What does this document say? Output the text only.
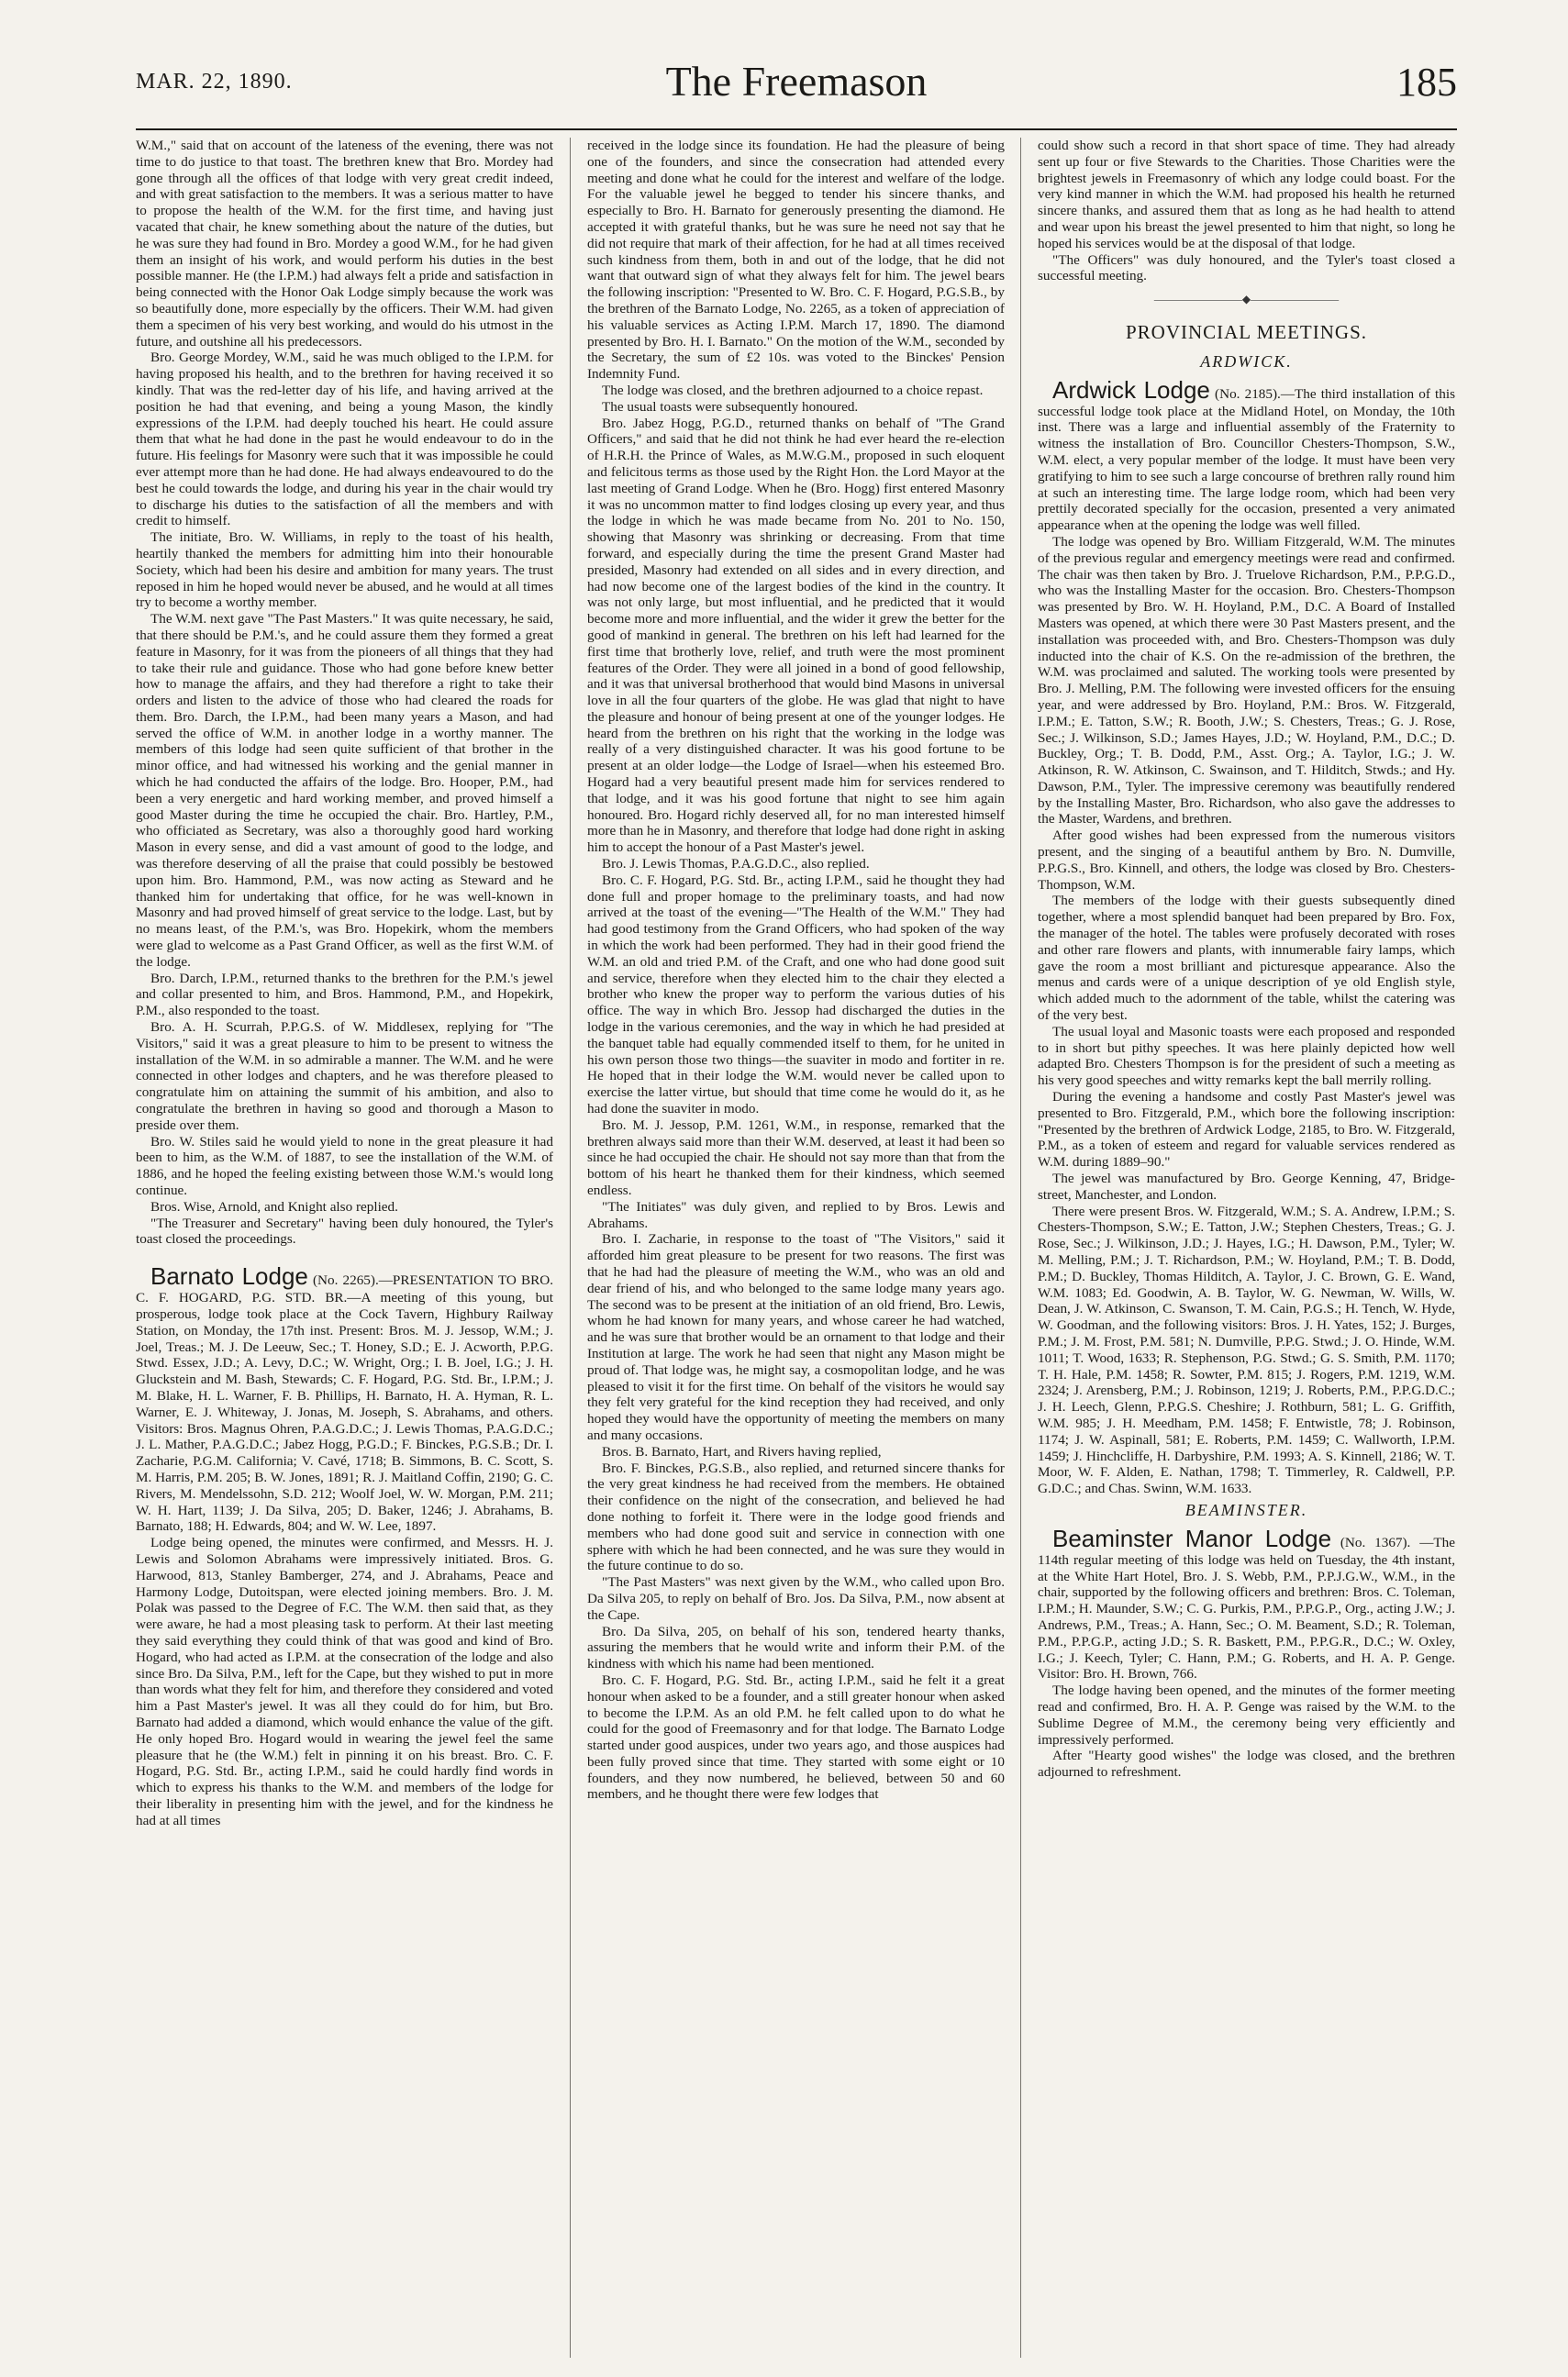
MAR. 22, 1890.	The Freemason	185

W.M.," said that on account of the lateness of the evening, there was not time to do justice to that toast. The brethren knew that Bro. Mordey had gone through all the offices of that lodge with very great credit indeed, and with great satisfaction to the members. It was a serious matter to have to propose the health of the W.M. for the first time, and having just vacated that chair, he knew something about the nature of the duties, but he was sure they had found in Bro. Mordey a good W.M., for he had given them an insight of his work, and would perform his duties in the best possible manner. He (the I.P.M.) had always felt a pride and satisfaction in being connected with the Honor Oak Lodge simply because the work was so beautifully done, more especially by the officers. Their W.M. had given them a specimen of his very best working, and would do his utmost in the future, and outshine all his predecessors.

Bro. George Mordey, W.M., said he was much obliged to the I.P.M. for having proposed his health, and to the brethren for having received it so kindly. That was the red-letter day of his life, and having arrived at the position he had that evening, and being a young Mason, the kindly expressions of the I.P.M. had deeply touched his heart. He could assure them that what he had done in the past he would endeavour to do in the future. His feelings for Masonry were such that it was impossible he could ever attempt more than he had done. He had always endeavoured to do the best he could towards the lodge, and during his year in the chair would try to discharge his duties to the satisfaction of all the members and with credit to himself.

The initiate, Bro. W. Williams, in reply to the toast of his health, heartily thanked the members for admitting him into their honourable Society, which had been his desire and ambition for many years. The trust reposed in him he hoped would never be abused, and he would at all times try to become a worthy member.

The W.M. next gave "The Past Masters." It was quite necessary, he said, that there should be P.M.'s, and he could assure them they formed a great feature in Masonry, for it was from the pioneers of all things that they had to take their rule and guidance. Those who had gone before knew better how to manage the affairs, and they had therefore a right to take their orders and listen to the advice of those who had cleared the roads for them. Bro. Darch, the I.P.M., had been many years a Mason, and had served the office of W.M. in another lodge in a worthy manner. The members of this lodge had seen quite sufficient of that brother in the minor office, and had witnessed his working and the genial manner in which he had conducted the affairs of the lodge. Bro. Hooper, P.M., had been a very energetic and hard working member, and proved himself a good Master during the time he occupied the chair. Bro. Hartley, P.M., who officiated as Secretary, was also a thoroughly good hard working Mason in every sense, and did a vast amount of good to the lodge, and was therefore deserving of all the praise that could possibly be bestowed upon him. Bro. Hammond, P.M., was now acting as Steward and he thanked him for undertaking that office, for he was well-known in Masonry and had proved himself of great service to the lodge. Last, but by no means least, of the P.M.'s, was Bro. Hopekirk, whom the members were glad to welcome as a Past Grand Officer, as well as the first W.M. of the lodge.

Bro. Darch, I.P.M., returned thanks to the brethren for the P.M.'s jewel and collar presented to him, and Bros. Hammond, P.M., and Hopekirk, P.M., also responded to the toast.

Bro. A. H. Scurrah, P.P.G.S. of W. Middlesex, replying for "The Visitors," said it was a great pleasure to him to be present to witness the installation of the W.M. in so admirable a manner. The W.M. and he were connected in other lodges and chapters, and he was therefore pleased to congratulate him on attaining the summit of his ambition, and also to congratulate the brethren in having so good and thorough a Mason to preside over them.

Bro. W. Stiles said he would yield to none in the great pleasure it had been to him, as the W.M. of 1887, to see the installation of the W.M. of 1886, and he hoped the feeling existing between those W.M.'s would long continue.

Bros. Wise, Arnold, and Knight also replied.

"The Treasurer and Secretary" having been duly honoured, the Tyler's toast closed the proceedings.

Barnato Lodge (No. 2265).—PRESENTATION TO BRO. C. F. HOGARD, P.G. STD. BR.—A meeting of this young, but prosperous, lodge took place at the Cock Tavern, Highbury Railway Station, on Monday, the 17th inst. Present: Bros. M. J. Jessop, W.M.; J. Joel, Treas.; M. J. De Leeuw, Sec.; T. Honey, S.D.; E. J. Acworth, P.P.G. Stwd. Essex, J.D.; A. Levy, D.C.; W. Wright, Org.; I. B. Joel, I.G.; J. H. Gluckstein and M. Bash, Stewards; C. F. Hogard, P.G. Std. Br., I.P.M.; J. M. Blake, H. L. Warner, F. B. Phillips, H. Barnato, H. A. Hyman, R. L. Warner, E. J. Whiteway, J. Jonas, M. Joseph, S. Abrahams, and others. Visitors: Bros. Magnus Ohren, P.A.G.D.C.; J. Lewis Thomas, P.A.G.D.C.; J. L. Mather, P.A.G.D.C.; Jabez Hogg, P.G.D.; F. Binckes, P.G.S.B.; Dr. I. Zacharie, P.G.M. California; V. Cavé, 1718; B. Simmons, B. C. Scott, S. M. Harris, P.M. 205; B. W. Jones, 1891; R. J. Maitland Coffin, 2190; G. C. Rivers, M. Mendelssohn, S.D. 212; Woolf Joel, W. W. Morgan, P.M. 211; W. H. Hart, 1139; J. Da Silva, 205; D. Baker, 1246; J. Abrahams, B. Barnato, 188; H. Edwards, 804; and W. W. Lee, 1897.

Lodge being opened, the minutes were confirmed, and Messrs. H. J. Lewis and Solomon Abrahams were impressively initiated. Bros. G. Harwood, 813, Stanley Bamberger, 274, and J. Abrahams, Peace and Harmony Lodge, Dutoitspan, were elected joining members. Bro. J. M. Polak was passed to the Degree of F.C. The W.M. then said that, as they were aware, he had a most pleasing task to perform. At their last meeting they said everything they could think of that was good and kind of Bro. Hogard, who had acted as I.P.M. at the consecration of the lodge and also since Bro. Da Silva, P.M., left for the Cape, but they wished to put in more than words what they felt for him, and therefore they considered and voted him a Past Master's jewel. It was all they could do for him, but Bro. Barnato had added a diamond, which would enhance the value of the gift. He only hoped Bro. Hogard would in wearing the jewel feel the same pleasure that he (the W.M.) felt in pinning it on his breast. Bro. C. F. Hogard, P.G. Std. Br., acting I.P.M., said he could hardly find words in which to express his thanks to the W.M. and members of the lodge for their liberality in presenting him with the jewel, and for the kindness he had at all times

received in the lodge since its foundation. He had the pleasure of being one of the founders, and since the consecration had attended every meeting and done what he could for the interest and welfare of the lodge. For the valuable jewel he begged to tender his sincere thanks, and especially to Bro. H. Barnato for generously presenting the diamond. He accepted it with grateful thanks, but he was sure he need not say that he did not require that mark of their affection, for he had at all times received such kindness from them, both in and out of the lodge, that he did not want that outward sign of what they always felt for him. The jewel bears the following inscription: "Presented to W. Bro. C. F. Hogard, P.G.S.B., by the brethren of the Barnato Lodge, No. 2265, as a token of appreciation of his valuable services as Acting I.P.M. March 17, 1890. The diamond presented by Bro. H. I. Barnato." On the motion of the W.M., seconded by the Secretary, the sum of £2 10s. was voted to the Binckes' Pension Indemnity Fund.

The lodge was closed, and the brethren adjourned to a choice repast.

The usual toasts were subsequently honoured.

Bro. Jabez Hogg, P.G.D., returned thanks on behalf of "The Grand Officers," and said that he did not think he had ever heard the re-election of H.R.H. the Prince of Wales, as M.W.G.M., proposed in such eloquent and felicitous terms as those used by the Right Hon. the Lord Mayor at the last meeting of Grand Lodge. When he (Bro. Hogg) first entered Masonry it was no uncommon matter to find lodges closing up every year, and thus the lodge in which he was made became from No. 201 to No. 150, showing that Masonry was shrinking or decreasing. From that time forward, and especially during the time the present Grand Master had presided, Masonry had extended on all sides and in every direction, and had now become one of the largest bodies of the kind in the country. It was not only large, but most influential, and he predicted that it would become more and more influential, and the wider it grew the better for the good of mankind in general. The brethren on his left had learned for the first time that brotherly love, relief, and truth were the most prominent features of the Order. They were all joined in a bond of good fellowship, and it was that universal brotherhood that would bind Masons in universal love in all the four quarters of the globe. He was glad that night to have the pleasure and honour of being present at one of the younger lodges. He heard from the brethren on his right that the working in the lodge was really of a very distinguished character. It was his good fortune to be present at an older lodge—the Lodge of Israel—when his esteemed Bro. Hogard had a very beautiful present made him for services rendered to that lodge, and it was his good fortune that night to see him again honoured. Bro. Hogard richly deserved all, for no man interested himself more than he in Masonry, and therefore that lodge had done right in asking him to accept the honour of a Past Master's jewel.

Bro. J. Lewis Thomas, P.A.G.D.C., also replied.

Bro. C. F. Hogard, P.G. Std. Br., acting I.P.M., said he thought they had done full and proper homage to the preliminary toasts, and had now arrived at the toast of the evening—"The Health of the W.M." They had had good testimony from the Grand Officers, who had spoken of the way in which the work had been performed. They had in their good friend the W.M. an old and tried P.M. of the Craft, and one who had done good suit and service, therefore when they elected him to the chair they elected a brother who knew the proper way to perform the various duties of his office. The way in which Bro. Jessop had discharged the duties in the lodge in the various ceremonies, and the way in which he had presided at the banquet table had equally commended itself to them, for he united in his own person those two things—the suaviter in modo and fortiter in re. He hoped that in their lodge the W.M. would never be called upon to exercise the latter virtue, but should that time come he would do it, as he had done the suaviter in modo.

Bro. M. J. Jessop, P.M. 1261, W.M., in response, remarked that the brethren always said more than their W.M. deserved, at least it had been so since he had occupied the chair. He should not say more than that from the bottom of his heart he thanked them for their kindness, which seemed endless.

"The Initiates" was duly given, and replied to by Bros. Lewis and Abrahams.

Bro. I. Zacharie, in response to the toast of "The Visitors," said it afforded him great pleasure to be present for two reasons. The first was that he had had the pleasure of meeting the W.M., who was an old and dear friend of his, and who belonged to the same lodge many years ago. The second was to be present at the initiation of an old friend, Bro. Lewis, whom he had known for many years, and whose career he had watched, and he was sure that brother would be an ornament to that lodge and their Institution at large. The work he had seen that night any Mason might be proud of. That lodge was, he might say, a cosmopolitan lodge, and he was pleased to visit it for the first time. On behalf of the visitors he would say they felt very grateful for the kind reception they had received, and only hoped they would have the opportunity of meeting the members on many and many occasions.

Bros. B. Barnato, Hart, and Rivers having replied,

Bro. F. Binckes, P.G.S.B., also replied, and returned sincere thanks for the very great kindness he had received from the members. He obtained their confidence on the night of the consecration, and believed he had done nothing to forfeit it. There were in the lodge good friends and members who had done good suit and service in connection with one sphere with which he had been connected, and he was sure they would in the future continue to do so.

"The Past Masters" was next given by the W.M., who called upon Bro. Da Silva 205, to reply on behalf of Bro. Jos. Da Silva, P.M., now absent at the Cape.

Bro. Da Silva, 205, on behalf of his son, tendered hearty thanks, assuring the members that he would write and inform their P.M. of the kindness with which his name had been mentioned.

Bro. C. F. Hogard, P.G. Std. Br., acting I.P.M., said he felt it a great honour when asked to be a founder, and a still greater honour when asked to become the I.P.M. As an old P.M. he felt called upon to do what he could for the good of Freemasonry and for that lodge. The Barnato Lodge started under good auspices, under two years ago, and those auspices had been fully proved since that time. They started with some eight or 10 founders, and they now numbered, he believed, between 50 and 60 members, and he thought there were few lodges that

could show such a record in that short space of time. They had already sent up four or five Stewards to the Charities. Those Charities were the brightest jewels in Freemasonry of which any lodge could boast. For the very kind manner in which the W.M. had proposed his health he returned sincere thanks, and assured them that as long as he had health to attend and wear upon his breast the jewel presented to him that night, so long he hoped his services would be at the disposal of that lodge.

"The Officers" was duly honoured, and the Tyler's toast closed a successful meeting.

————————◆————————
PROVINCIAL MEETINGS.
ARDWICK.

Ardwick Lodge (No. 2185).—The third installation of this successful lodge took place at the Midland Hotel, on Monday, the 10th inst. There was a large and influential assembly of the Fraternity to witness the installation of Bro. Councillor Chesters-Thompson, S.W., W.M. elect, a very popular member of the lodge. It must have been very gratifying to him to see such a large concourse of brethren rally round him at such an interesting time. The large lodge room, which had been very prettily decorated specially for the occasion, presented a very animated appearance when at the opening the lodge was well filled.

The lodge was opened by Bro. William Fitzgerald, W.M. The minutes of the previous regular and emergency meetings were read and confirmed. The chair was then taken by Bro. J. Truelove Richardson, P.M., P.P.G.D., who was the Installing Master for the occasion. Bro. Chesters-Thompson was presented by Bro. W. H. Hoyland, P.M., D.C. A Board of Installed Masters was opened, at which there were 30 Past Masters present, and the installation was proceeded with, and Bro. Chesters-Thompson was duly inducted into the chair of K.S. On the re-admission of the brethren, the W.M. was proclaimed and saluted. The working tools were presented by Bro. J. Melling, P.M. The following were invested officers for the ensuing year, and were addressed by Bro. Hoyland, P.M.: Bros. W. Fitzgerald, I.P.M.; E. Tatton, S.W.; R. Booth, J.W.; S. Chesters, Treas.; G. J. Rose, Sec.; J. Wilkinson, S.D.; James Hayes, J.D.; W. Hoyland, P.M., D.C.; D. Buckley, Org.; T. B. Dodd, P.M., Asst. Org.; A. Taylor, I.G.; J. W. Atkinson, R. W. Atkinson, C. Swainson, and T. Hilditch, Stwds.; and Hy. Dawson, P.M., Tyler. The impressive ceremony was beautifully rendered by the Installing Master, Bro. Richardson, who also gave the addresses to the Master, Wardens, and brethren.

After good wishes had been expressed from the numerous visitors present, and the singing of a beautiful anthem by Bro. N. Dumville, P.P.G.S., Bro. Kinnell, and others, the lodge was closed by Bro. Chesters-Thompson, W.M.

The members of the lodge with their guests subsequently dined together, where a most splendid banquet had been prepared by Bro. Fox, the manager of the hotel. The tables were profusely decorated with roses and other rare flowers and plants, with innumerable fairy lamps, which gave the room a most brilliant and picturesque appearance. Also the menus and cards were of a unique description of ye old English style, which added much to the adornment of the table, whilst the catering was of the very best.

The usual loyal and Masonic toasts were each proposed and responded to in short but pithy speeches. It was here plainly depicted how well adapted Bro. Chesters Thompson is for the president of such a meeting as his very good speeches and witty remarks kept the ball merrily rolling.

During the evening a handsome and costly Past Master's jewel was presented to Bro. Fitzgerald, P.M., which bore the following inscription: "Presented by the brethren of Ardwick Lodge, 2185, to Bro. W. Fitzgerald, P.M., as a token of esteem and regard for valuable services rendered as W.M. during 1889–90."

The jewel was manufactured by Bro. George Kenning, 47, Bridge-street, Manchester, and London.

There were present Bros. W. Fitzgerald, W.M.; S. A. Andrew, I.P.M.; S. Chesters-Thompson, S.W.; E. Tatton, J.W.; Stephen Chesters, Treas.; G. J. Rose, Sec.; J. Wilkinson, J.D.; J. Hayes, I.G.; H. Dawson, P.M., Tyler; W. M. Melling, P.M.; J. T. Richardson, P.M.; W. Hoyland, P.M.; T. B. Dodd, P.M.; D. Buckley, Thomas Hilditch, A. Taylor, J. C. Brown, G. E. Wand, W.M. 1083; Ed. Goodwin, A. B. Taylor, W. G. Newman, W. Wills, W. Dean, J. W. Atkinson, C. Swanson, T. M. Cain, P.G.S.; H. Tench, W. Hyde, W. Goodman, and the following visitors: Bros. J. H. Yates, 152; J. Burges, P.M.; J. M. Frost, P.M. 581; N. Dumville, P.P.G. Stwd.; J. O. Hinde, W.M. 1011; T. Wood, 1633; R. Stephenson, P.G. Stwd.; G. S. Smith, P.M. 1170; T. H. Hale, P.M. 1458; R. Sowter, P.M. 815; J. Rogers, P.M. 1219, W.M. 2324; J. Arensberg, P.M.; J. Robinson, 1219; J. Roberts, P.M., P.P.G.D.C.; J. H. Leech, Glenn, P.P.G.S. Cheshire; J. Rothburn, 581; L. G. Griffith, W.M. 985; J. H. Meedham, P.M. 1458; F. Entwistle, 78; J. Robinson, 1174; J. W. Aspinall, 581; E. Roberts, P.M. 1459; C. Wallworth, I.P.M. 1459; J. Hinchcliffe, H. Darbyshire, P.M. 1993; A. S. Kinnell, 2186; W. T. Moor, W. F. Alden, E. Nathan, 1798; T. Timmerley, R. Caldwell, P.P. G.D.C.; and Chas. Swinn, W.M. 1633.

BEAMINSTER.

Beaminster Manor Lodge (No. 1367). —The 114th regular meeting of this lodge was held on Tuesday, the 4th instant, at the White Hart Hotel, Bro. J. S. Webb, P.M., P.P.J.G.W., W.M., in the chair, supported by the following officers and brethren: Bros. C. Toleman, I.P.M.; H. Maunder, S.W.; C. G. Purkis, P.M., P.P.G.P., Org., acting J.W.; J. Andrews, P.M., Treas.; A. Hann, Sec.; O. M. Beament, S.D.; R. Toleman, P.M., P.P.G.P., acting J.D.; S. R. Baskett, P.M., P.P.G.R., D.C.; W. Oxley, I.G.; J. Keech, Tyler; C. Hann, P.M.; G. Roberts, and H. A. P. Genge. Visitor: Bro. H. Brown, 766.

The lodge having been opened, and the minutes of the former meeting read and confirmed, Bro. H. A. P. Genge was raised by the W.M. to the Sublime Degree of M.M., the ceremony being very efficiently and impressively performed.

After "Hearty good wishes" the lodge was closed, and the brethren adjourned to refreshment.
